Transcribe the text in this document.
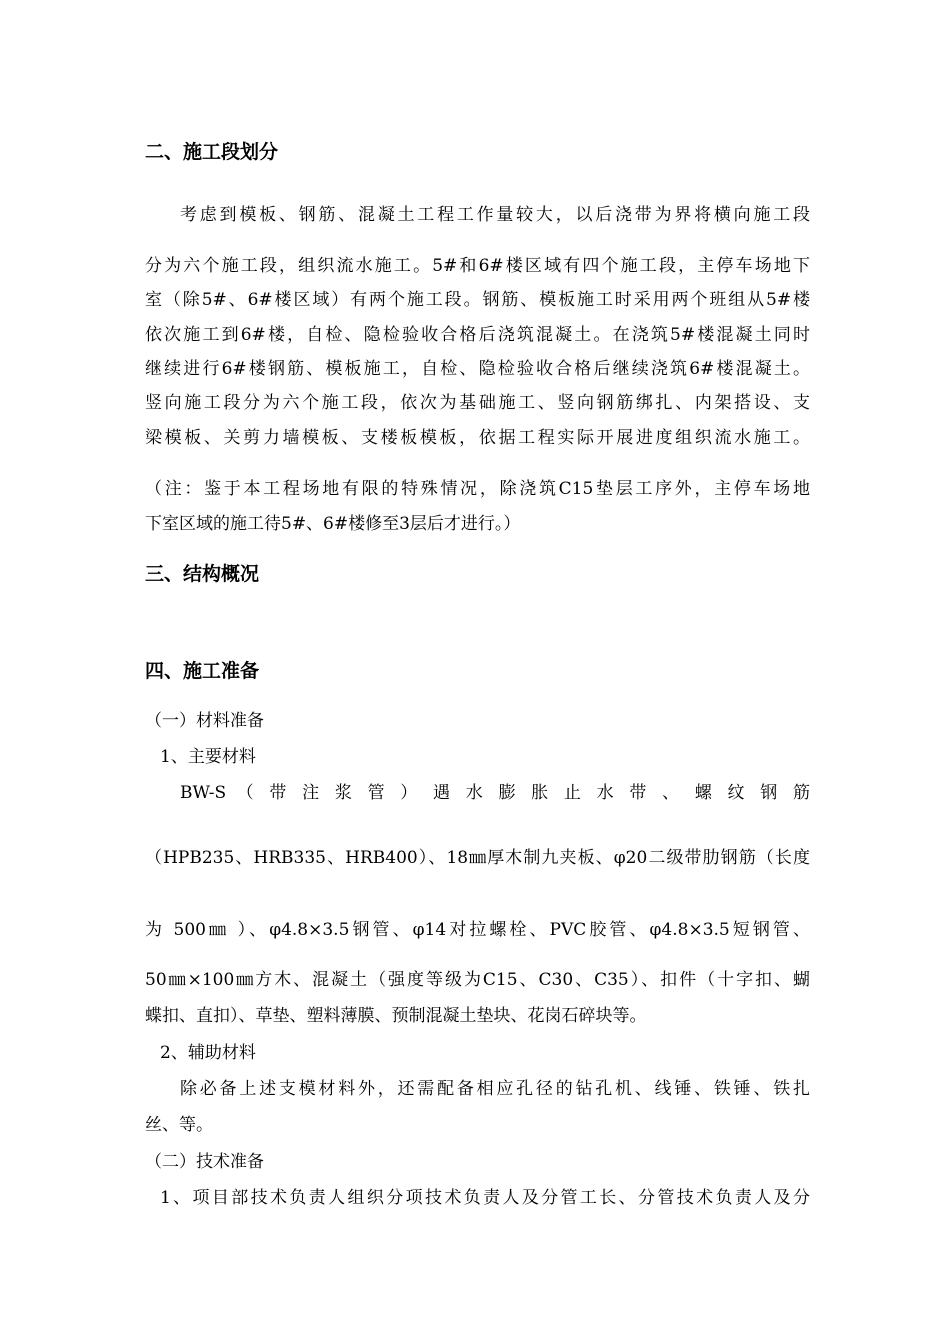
二、施工段划分
考虑到模板、钢筋、混凝土工程工作量较大，以后浇带为界将横向施工段
分为六个施工段，组织流水施工。5#和6#楼区域有四个施工段，主停车场地下
室（除5#、6#楼区域）有两个施工段。钢筋、模板施工时采用两个班组从5#楼
依次施工到6#楼，自检、隐检验收合格后浇筑混凝土。在浇筑5#楼混凝土同时
继续进行6#楼钢筋、模板施工，自检、隐检验收合格后继续浇筑6#楼混凝土。
竖向施工段分为六个施工段，依次为基础施工、竖向钢筋绑扎、内架搭设、支
梁模板、关剪力墙模板、支楼板模板，依据工程实际开展进度组织流水施工。
（注：鉴于本工程场地有限的特殊情况，除浇筑C15垫层工序外，主停车场地
下室区域的施工待5#、6#楼修至3层后才进行。）
三、结构概况
四、施工准备
（一）材料准备
1、主要材料
BW-S （ 带 注 浆 管 ） 遇 水 膨 胀 止 水 带 、 螺 纹 钢 筋
（HPB235、HRB335、HRB400）、18㎜厚木制九夹板、φ20二级带肋钢筋（长度
为 500㎜ ）、φ4.8×3.5钢管、φ14对拉螺栓、PVC胶管、φ4.8×3.5短钢管、
50㎜×100㎜方木、混凝土（强度等级为C15、C30、C35）、扣件（十字扣、蝴
蝶扣、直扣）、草垫、塑料薄膜、预制混凝土垫块、花岗石碎块等。
2、辅助材料
除必备上述支模材料外，还需配备相应孔径的钻孔机、线锤、铁锤、铁扎
丝、等。
（二）技术准备
1、项目部技术负责人组织分项技术负责人及分管工长、分管技术负责人及分
